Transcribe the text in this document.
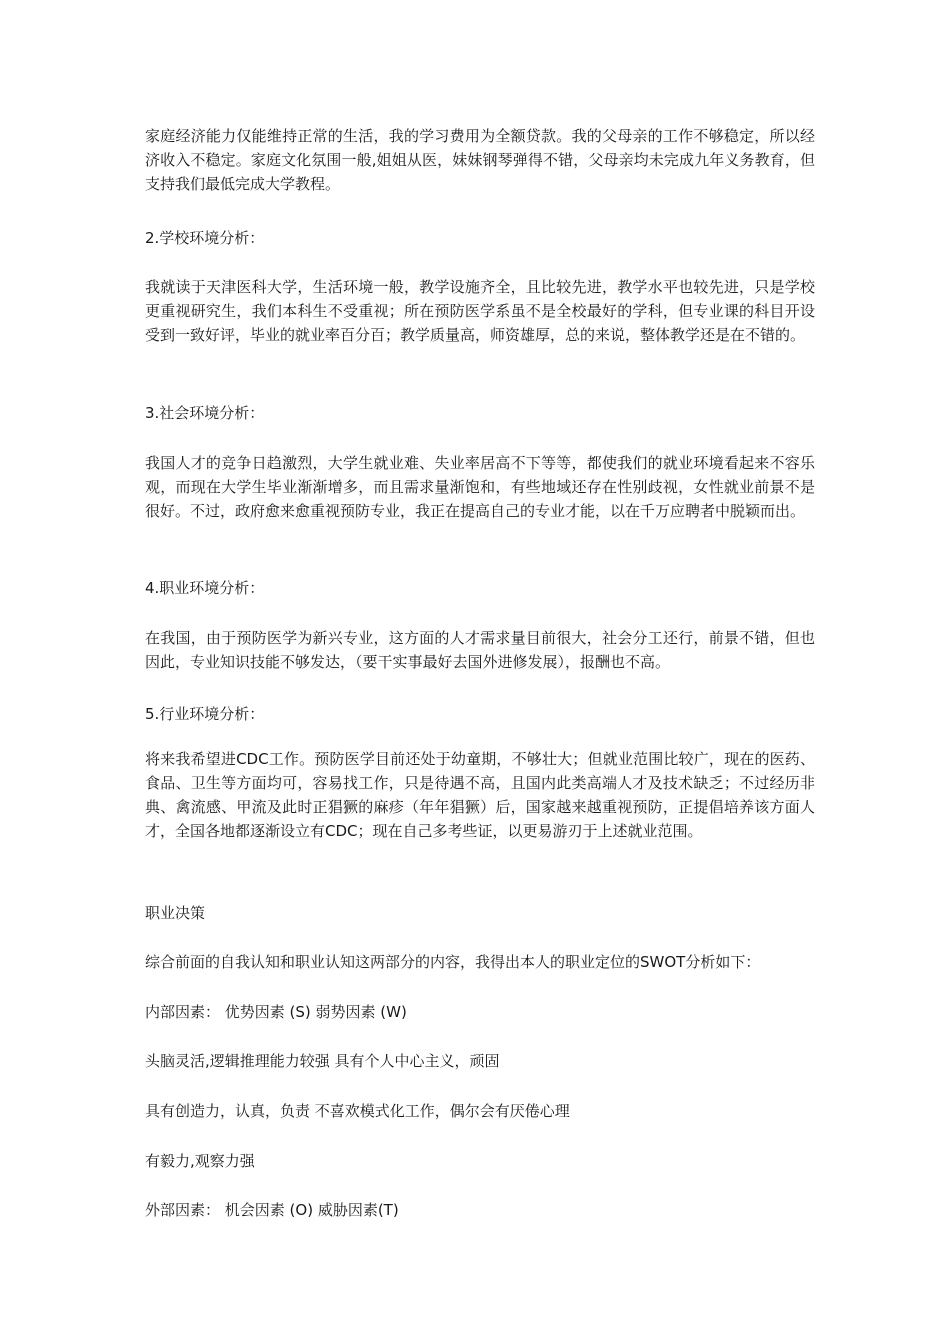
家庭经济能力仅能维持正常的生活，我的学习费用为全额贷款。我的父母亲的工作不够稳定，所以经济收入不稳定。家庭文化氛围一般,姐姐从医，妹妹钢琴弹得不错，父母亲均未完成九年义务教育，但支持我们最低完成大学教程。

2.学校环境分析：

我就读于天津医科大学，生活环境一般，教学设施齐全，且比较先进，教学水平也较先进，只是学校更重视研究生，我们本科生不受重视；所在预防医学系虽不是全校最好的学科，但专业课的科目开设受到一致好评，毕业的就业率百分百；教学质量高，师资雄厚，总的来说，整体教学还是在不错的。

3.社会环境分析：

我国人才的竞争日趋激烈，大学生就业难、失业率居高不下等等，都使我们的就业环境看起来不容乐观，而现在大学生毕业渐渐增多，而且需求量渐饱和，有些地域还存在性别歧视，女性就业前景不是很好。不过，政府愈来愈重视预防专业，我正在提高自己的专业才能，以在千万应聘者中脱颖而出。

4.职业环境分析：

在我国，由于预防医学为新兴专业，这方面的人才需求量目前很大，社会分工还行，前景不错，但也因此，专业知识技能不够发达，（要干实事最好去国外进修发展），报酬也不高。

5.行业环境分析：

将来我希望进CDC工作。预防医学目前还处于幼童期，不够壮大；但就业范围比较广，现在的医药、食品、卫生等方面均可，容易找工作，只是待遇不高，且国内此类高端人才及技术缺乏；不过经历非典、禽流感、甲流及此时正猖獗的麻疹（年年猖獗）后，国家越来越重视预防，正提倡培养该方面人才，全国各地都逐渐设立有CDC；现在自己多考些证，以更易游刃于上述就业范围。

职业决策

综合前面的自我认知和职业认知这两部分的内容，我得出本人的职业定位的SWOT分析如下：

内部因素： 优势因素 (S) 弱势因素 (W)

头脑灵活,逻辑推理能力较强 具有个人中心主义，顽固

具有创造力，认真，负责 不喜欢模式化工作，偶尔会有厌倦心理

有毅力,观察力强

外部因素： 机会因素 (O) 威胁因素(T)
